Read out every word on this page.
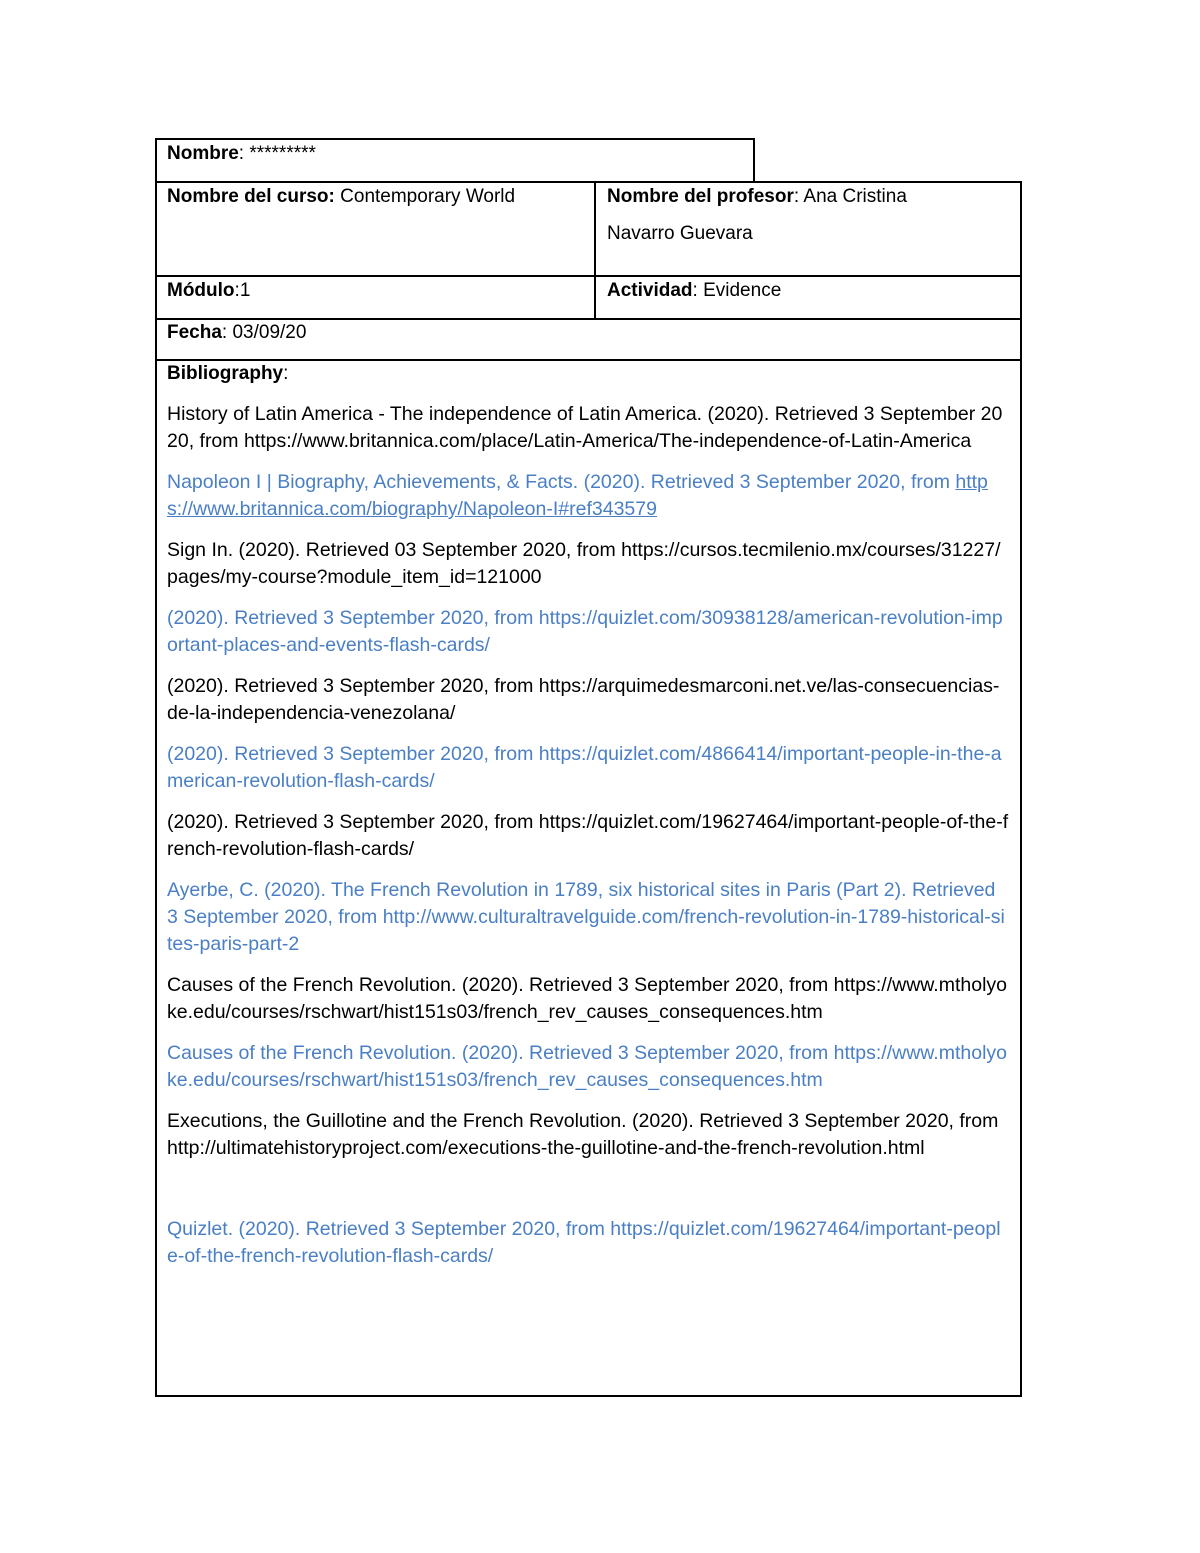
Nombre: *********
Nombre del curso: Contemporary World	Nombre del profesor: Ana Cristina
Navarro Guevara
Módulo:1	Actividad: Evidence
Fecha: 03/09/20
Bibliography:
History of Latin America - The independence of Latin America. (2020). Retrieved 3 September 2020, from https://www.britannica.com/place/Latin-America/The-independence-of-Latin-America
Napoleon I | Biography, Achievements, & Facts. (2020). Retrieved 3 September 2020, from https://www.britannica.com/biography/Napoleon-I#ref343579
Sign In. (2020). Retrieved 03 September 2020, from https://cursos.tecmilenio.mx/courses/31227/pages/my-course?module_item_id=121000
(2020). Retrieved 3 September 2020, from https://quizlet.com/30938128/american-revolution-important-places-and-events-flash-cards/
(2020). Retrieved 3 September 2020, from https://arquimedesmarconi.net.ve/las-consecuencias-de-la-independencia-venezolana/
(2020). Retrieved 3 September 2020, from https://quizlet.com/4866414/important-people-in-the-american-revolution-flash-cards/
(2020). Retrieved 3 September 2020, from https://quizlet.com/19627464/important-people-of-the-french-revolution-flash-cards/
Ayerbe, C. (2020). The French Revolution in 1789, six historical sites in Paris (Part 2). Retrieved 3 September 2020, from http://www.culturaltravelguide.com/french-revolution-in-1789-historical-sites-paris-part-2
Causes of the French Revolution. (2020). Retrieved 3 September 2020, from https://www.mtholyoke.edu/courses/rschwart/hist151s03/french_rev_causes_consequences.htm
Causes of the French Revolution. (2020). Retrieved 3 September 2020, from https://www.mtholyoke.edu/courses/rschwart/hist151s03/french_rev_causes_consequences.htm
Executions, the Guillotine and the French Revolution. (2020). Retrieved 3 September 2020, from http://ultimatehistoryproject.com/executions-the-guillotine-and-the-french-revolution.html
Quizlet. (2020). Retrieved 3 September 2020, from https://quizlet.com/19627464/important-people-of-the-french-revolution-flash-cards/
